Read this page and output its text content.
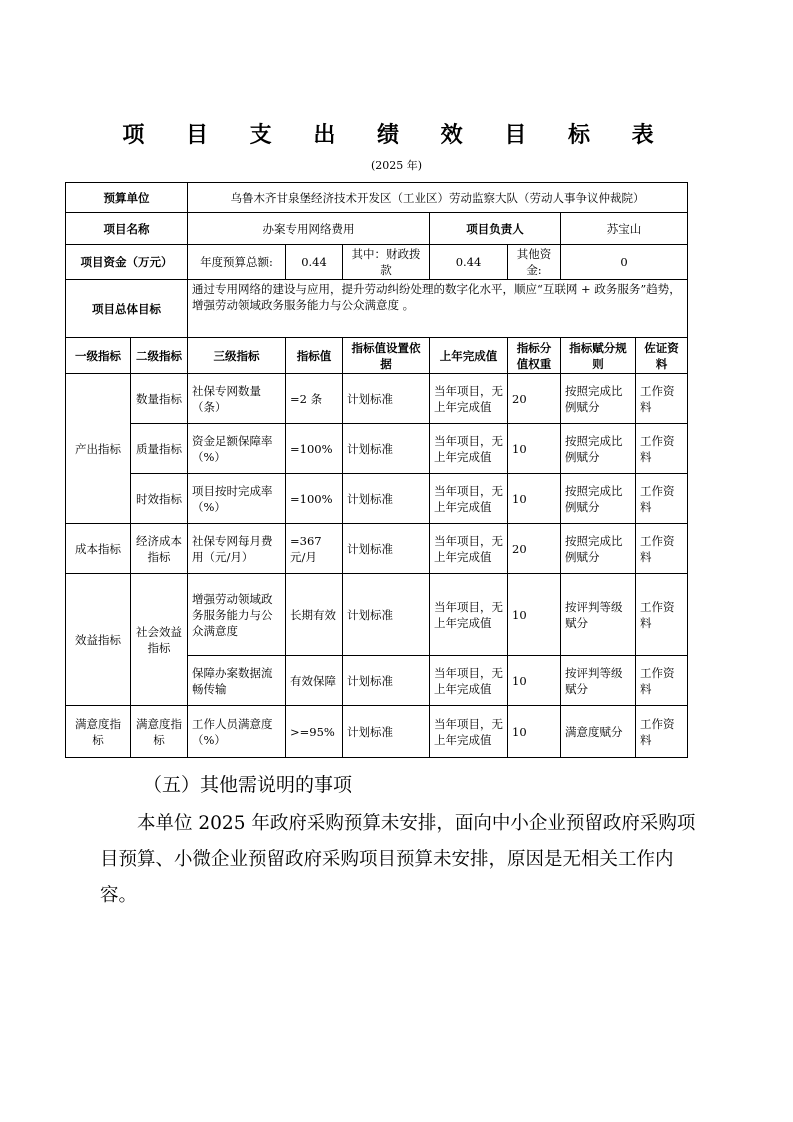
项 目 支 出 绩 效 目 标 表
(2025 年)
预算单位		乌鲁木齐甘泉堡经济技术开发区（工业区）劳动监察大队（劳动人事争议仲裁院）						
项目名称		办案专用网络费用			项目负责人		苏宝山	
项目资金（万元）		年度预算总额:	0.44	其中：财政拨款	0.44	其他资金:	0	
项目总体目标		通过专用网络的建设与应用，提升劳动纠纷处理的数字化水平，顺应“互联网 + 政务服务”趋势，增强劳动领域政务服务能力与公众满意度 。						
一级指标	二级指标	三级指标	指标值	指标值设置依据	上年完成值	指标分值权重	指标赋分规则	佐证资料
产出指标	数量指标	社保专网数量（条）	=2 条	计划标准	当年项目，无上年完成值	20	按照完成比例赋分	工作资料
	质量指标	资金足额保障率（%）	=100%	计划标准	当年项目，无上年完成值	10	按照完成比例赋分	工作资料
	时效指标	项目按时完成率（%）	=100%	计划标准	当年项目，无上年完成值	10	按照完成比例赋分	工作资料
成本指标	经济成本指标	社保专网每月费用（元/月）	=367 元/月	计划标准	当年项目，无上年完成值	20	按照完成比例赋分	工作资料
效益指标	社会效益指标	增强劳动领域政务服务能力与公众满意度	长期有效	计划标准	当年项目，无上年完成值	10	按评判等级赋分	工作资料
		保障办案数据流畅传输	有效保障	计划标准	当年项目，无上年完成值	10	按评判等级赋分	工作资料
满意度指标	满意度指标	工作人员满意度（%）	>=95%	计划标准	当年项目，无上年完成值	10	满意度赋分	工作资料
（五）其他需说明的事项
本单位 2025 年政府采购预算未安排，面向中小企业预留政府采购项目预算、小微企业预留政府采购项目预算未安排，原因是无相关工作内容。
